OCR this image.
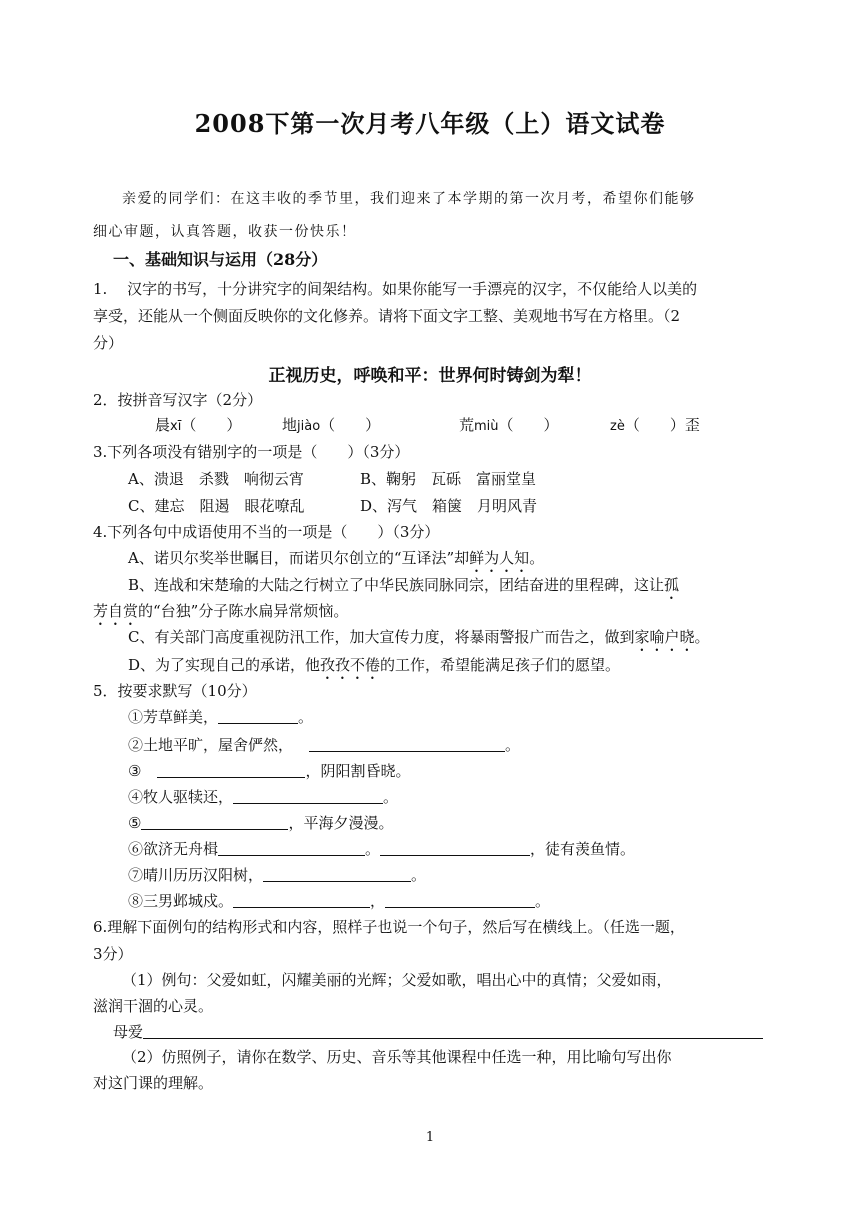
2008下第一次月考八年级（上）语文试卷
亲爱的同学们：在这丰收的季节里，我们迎来了本学期的第一次月考，希望你们能够
细心审题，认真答题，收获一份快乐！
一、基础知识与运用（28分）
1.　 汉字的书写，十分讲究字的间架结构。如果你能写一手漂亮的汉字，不仅能给人以美的
享受，还能从一个侧面反映你的文化修养。请将下面文字工整、美观地书写在方格里。（2
分）
正视历史，呼唤和平：世界何时铸剑为犁！
2．按拼音写汉字（2分）
晨xī（　　）	地jiào（　　）	荒miù（　　）	zè（　　）歪
3.下列各项没有错别字的一项是（　　）（3分）
A、溃退　杀戮　响彻云宵	B、鞠躬　瓦砾　富丽堂皇
C、建忘　阻遏　眼花嘹乱	D、泻气　箱箧　月明风青
4.下列各句中成语使用不当的一项是（　　）（3分）
A、诺贝尔奖举世瞩目，而诺贝尔创立的“互译法”却鲜为人知。
B、连战和宋楚瑜的大陆之行树立了中华民族同脉同宗，团结奋进的里程碑，这让孤
芳自赏的“台独”分子陈水扁异常烦恼。
C、有关部门高度重视防汛工作，加大宣传力度，将暴雨警报广而告之，做到家喻户晓。
D、为了实现自己的承诺，他孜孜不倦的工作，希望能满足孩子们的愿望。
5．按要求默写（10分）
①芳草鲜美，	。
②土地平旷，屋舍俨然，	。
③	，阴阳割昏晓。
④牧人驱犊还，	。
⑤	，平海夕漫漫。
⑥欲济无舟楫	。	，徒有羡鱼情。
⑦晴川历历汉阳树，	。
⑧三男邺城戍。	，	。
6.理解下面例句的结构形式和内容，照样子也说一个句子，然后写在横线上。（任选一题，
3分）
（1）例句：父爱如虹，闪耀美丽的光辉；父爱如歌，唱出心中的真情；父爱如雨，
滋润干涸的心灵。
母爱
（2）仿照例子，请你在数学、历史、音乐等其他课程中任选一种，用比喻句写出你
对这门课的理解。
1
